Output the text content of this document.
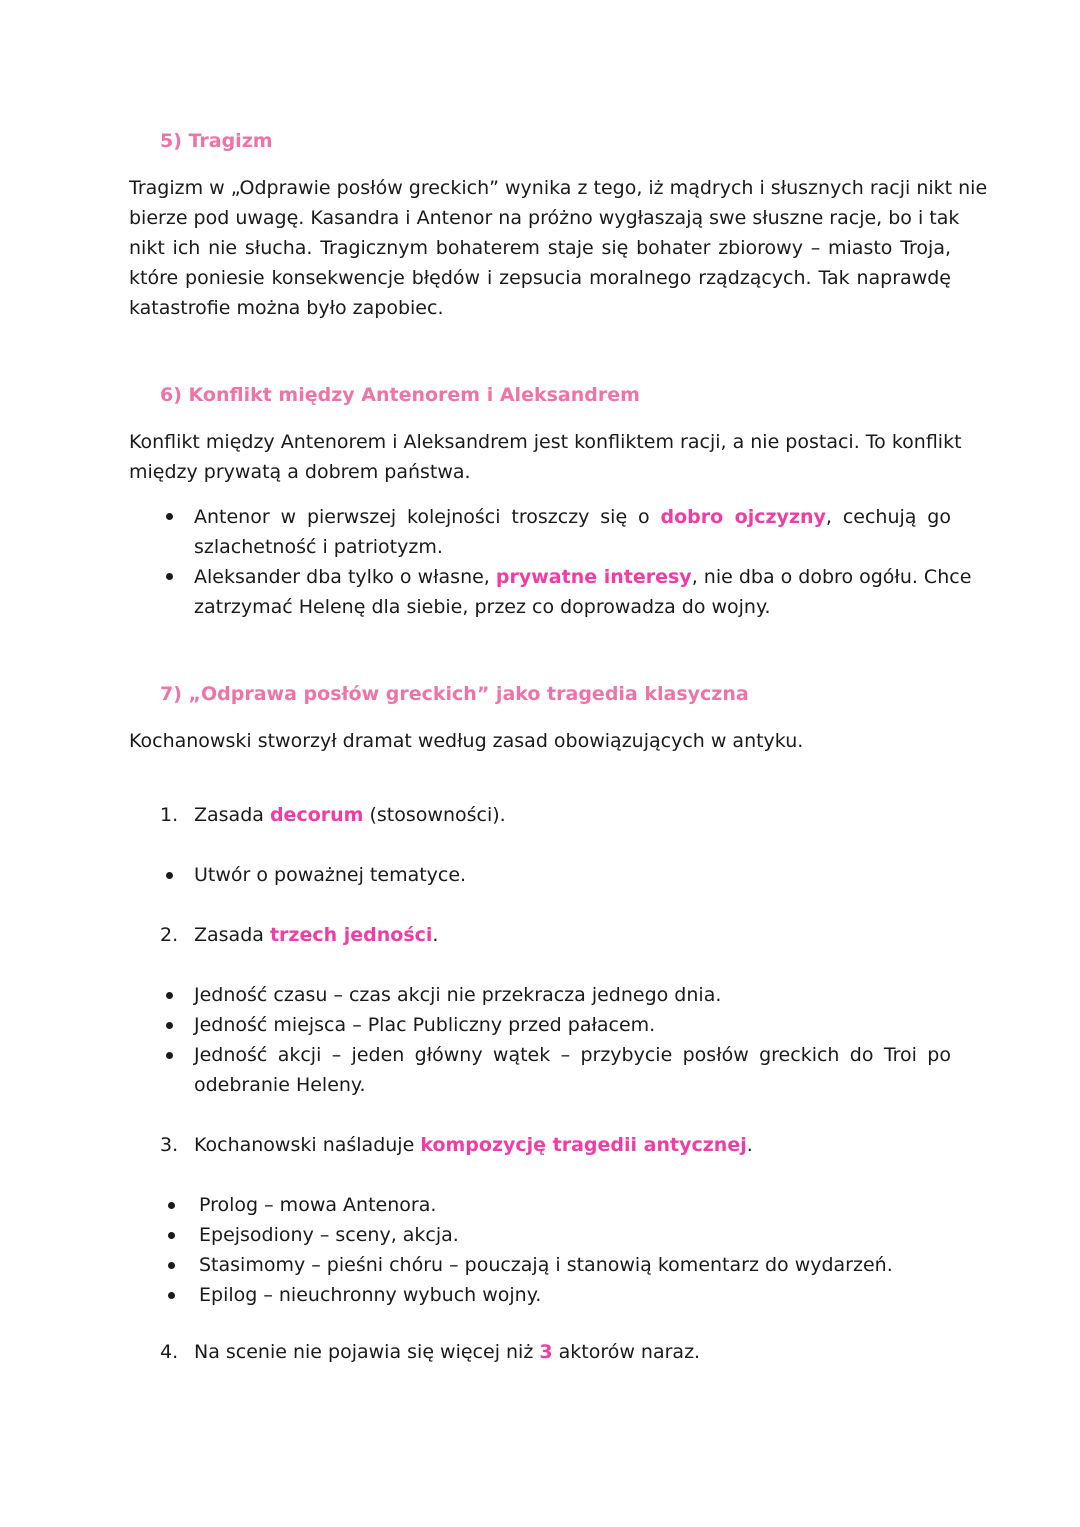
5) Tragizm
Tragizm w „Odprawie posłów greckich” wynika z tego, iż mądrych i słusznych racji nikt nie
bierze pod uwagę. Kasandra i Antenor na próżno wygłaszają swe słuszne racje, bo i tak
nikt ich nie słucha. Tragicznym bohaterem staje się bohater zbiorowy – miasto Troja,
które poniesie konsekwencje błędów i zepsucia moralnego rządzących. Tak naprawdę
katastrofie można było zapobiec.
6) Konflikt między Antenorem i Aleksandrem
Konflikt między Antenorem i Aleksandrem jest konfliktem racji, a nie postaci. To konflikt
między prywatą a dobrem państwa.
Antenor w pierwszej kolejności troszczy się o dobro ojczyzny, cechują go
szlachetność i patriotyzm.
Aleksander dba tylko o własne, prywatne interesy, nie dba o dobro ogółu. Chce
zatrzymać Helenę dla siebie, przez co doprowadza do wojny.
7) „Odprawa posłów greckich” jako tragedia klasyczna
Kochanowski stworzył dramat według zasad obowiązujących w antyku.
1. Zasada decorum (stosowności).
Utwór o poważnej tematyce.
2. Zasada trzech jedności.
Jedność czasu – czas akcji nie przekracza jednego dnia.
Jedność miejsca – Plac Publiczny przed pałacem.
Jedność akcji – jeden główny wątek – przybycie posłów greckich do Troi po
odebranie Heleny.
3. Kochanowski naśladuje kompozycję tragedii antycznej.
Prolog – mowa Antenora.
Epejsodiony – sceny, akcja.
Stasimomy – pieśni chóru – pouczają i stanowią komentarz do wydarzeń.
Epilog – nieuchronny wybuch wojny.
4. Na scenie nie pojawia się więcej niż 3 aktorów naraz.
